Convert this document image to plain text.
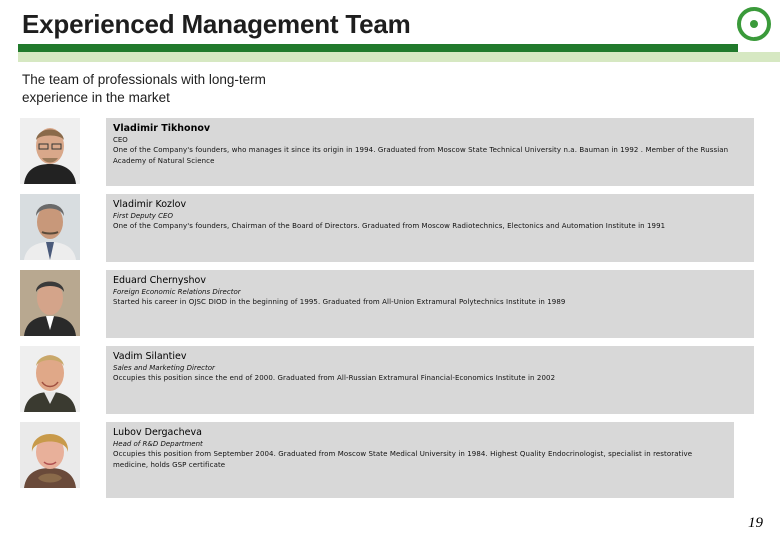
Experienced Management Team
The team of professionals with long-term experience in the market
Vladimir Tikhonov
CEO
One of the Company's founders, who manages it since its origin in 1994. Graduated from Moscow State Technical University n.a. Bauman in 1992 . Member of the Russian Academy of Natural Science
Vladimir Kozlov
First Deputy CEO
One of the Company's founders, Chairman of the Board of Directors. Graduated from Moscow Radiotechnics, Electonics and Automation Institute in 1991
Eduard Chernyshov
Foreign Economic Relations Director
Started his career in OJSC DIOD in the beginning of 1995. Graduated from All-Union Extramural Polytechnics Institute in 1989
Vadim Silantiev
Sales and Marketing Director
Occupies this position since the end of 2000. Graduated from All-Russian Extramural Financial-Economics Institute in 2002
Lubov Dergacheva
Head of R&D Department
Occupies this position from September 2004. Graduated from Moscow State Medical University in 1984. Highest Quality Endocrinologist, specialist in restorative medicine, holds GSP certificate
19
